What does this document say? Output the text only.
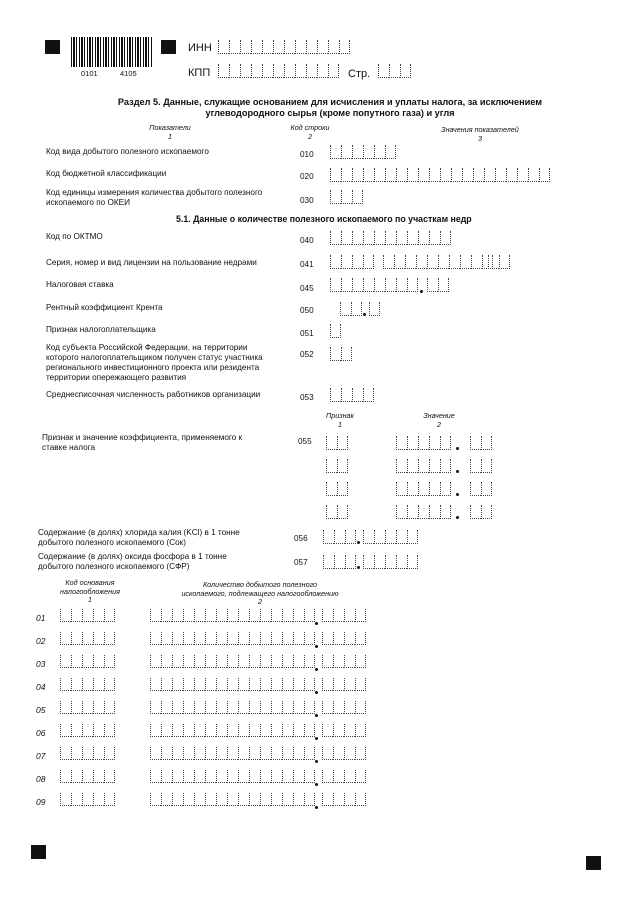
0101	4105
ИНН
КПП	Стр.
Раздел 5. Данные, служащие основанием для исчисления и уплаты налога, за исключением
углеводородного сырья (кроме попутного газа) и угля
Показатели
1
Код строки
2
Значения показателей
3
Код вида добытого полезного ископаемого	010
Код бюджетной классификации	020
Код единицы измерения количества добытого полезного
ископаемого по ОКЕИ	030
5.1. Данные о количестве полезного ископаемого по участкам недр
Код по ОКТМО	040
Серия, номер и вид лицензии на пользование недрами	041
Налоговая ставка	045
Рентный коэффициент Крента	050
Признак налогоплательщика	051
Код субъекта Российской Федерации, на территории
которого налогоплательщиком получен статус участника
регионального инвестиционного проекта или резидента
территории опережающего развития
052
Среднесписочная численность работников организации	053
Признак
1
Значение
2
Признак и значение коэффициента, применяемого к
ставке налога
055
Содержание (в долях) хлорида калия (KCl) в 1 тонне
добытого полезного ископаемого (Сок)	056
Содержание (в долях) оксида фосфора в 1 тонне
добытого полезного ископаемого (СФР)	057
Код основания
налогообложения
1
Количество добытого полезного
ископаемого, подлежащего налогообложению
2
01
02
03
04
05
06
07
08
09
